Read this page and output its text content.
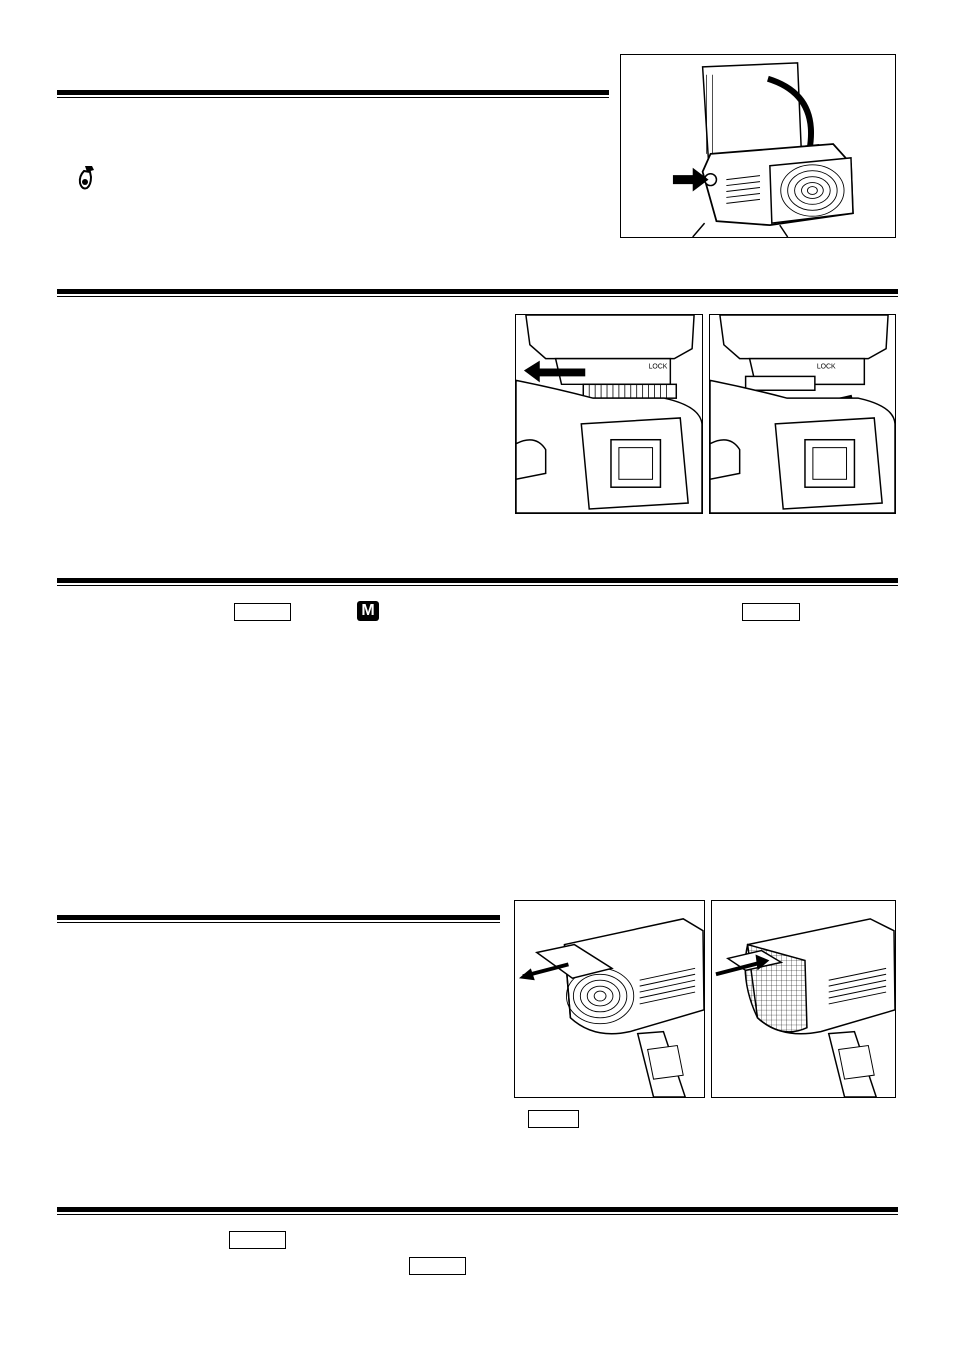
LOCK	LOCK
M
